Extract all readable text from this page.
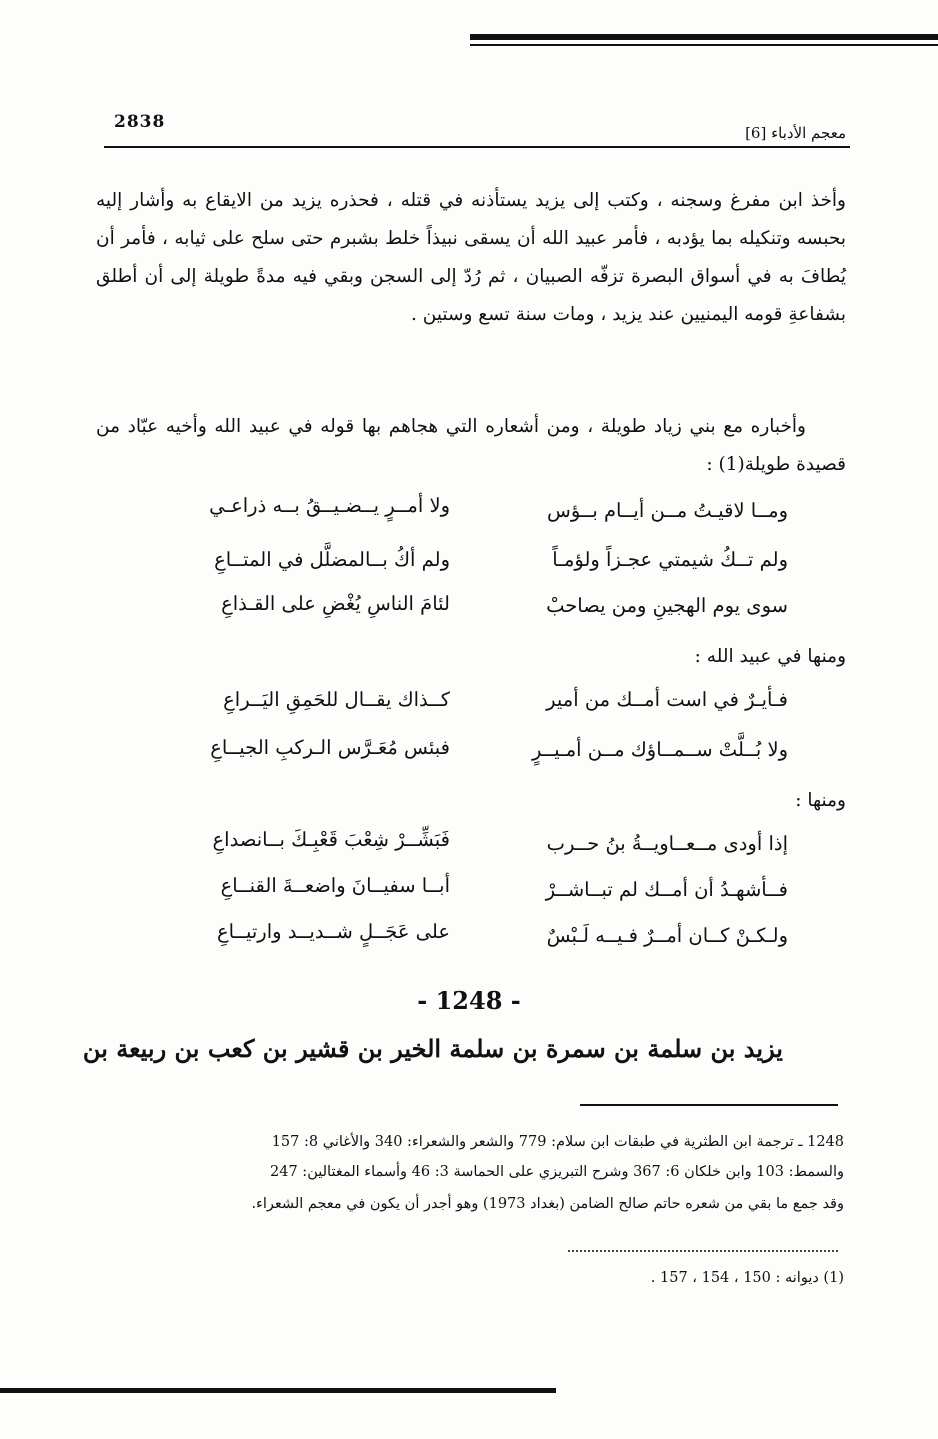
2838
معجم الأدباء [6]
وأخذ ابن مفرغ وسجنه ، وكتب إلى يزيد يستأذنه في قتله ، فحذره يزيد من الايقاع به وأشار إليه بحبسه وتنكيله بما يؤدبه ، فأمر عبيد الله أن يسقى نبيذاً خلط بشبرم حتى سلح على ثيابه ، فأمر أن يُطافَ به في أسواق البصرة تزفّه الصبيان ، ثم رُدّ إلى السجن وبقي فيه مدةً طويلة إلى أن أطلق بشفاعةِ قومه اليمنيين عند يزيد ، ومات سنة تسع وستين .
وأخباره مع بني زياد طويلة ، ومن أشعاره التي هجاهم بها قوله في عبيد الله وأخيه عبّاد من قصيدة طويلة(1) :
ومــا لاقيـتُ مــن أيــام بــؤس
ولا أمــرٍ يــضـيــقُ بــه ذراعـي
ولم تــكُ شيمتي عجـزاً ولؤمـاً
ولم أكُ بــالمضلَّل في المتــاعِ
سوى يوم الهجينِ ومن يصاحبْ
لئامَ الناسِ يُغْضِ على القـذاعِ
ومنها في عبيد الله :
فـأيـرٌ في است أمــك من أمير
كــذاك يقــال للحَمِقِ اليَــراعِ
ولا بُــلَّتْ ســمــاؤك مــن أمـيــرٍ
فبئس مُعَـرَّس الـركبِ الجيــاعِ
ومنها :
إذا أودى مــعــاويــةُ بنُ حــرب
فَبَشِّــرْ شِعْبَ قَعْبِـكَ بــانصداعِ
فــأشهـدُ أن أمــك لم تبــاشــرْ
أبــا سفيــانَ واضعــةَ القنــاعِ
ولـكـنْ كــان أمــرٌ فـيــه لَـبْسٌ
على عَجَــلٍ شــديــد وارتيــاعِ
- 1248 -
يزيد بن سلمة بن سمرة بن سلمة الخير بن قشير بن كعب بن ربيعة بن
1248 ـ ترجمة ابن الطثرية في طبقات ابن سلام: 779 والشعر والشعراء: 340 والأغاني 8: 157
والسمط: 103 وابن خلكان 6: 367 وشرح التبريزي على الحماسة 3: 46 وأسماء المغتالين: 247
وقد جمع ما بقي من شعره حاتم صالح الضامن (بغداد 1973) وهو أجدر أن يكون في معجم الشعراء.
(1) ديوانه : 150 ، 154 ، 157 .
